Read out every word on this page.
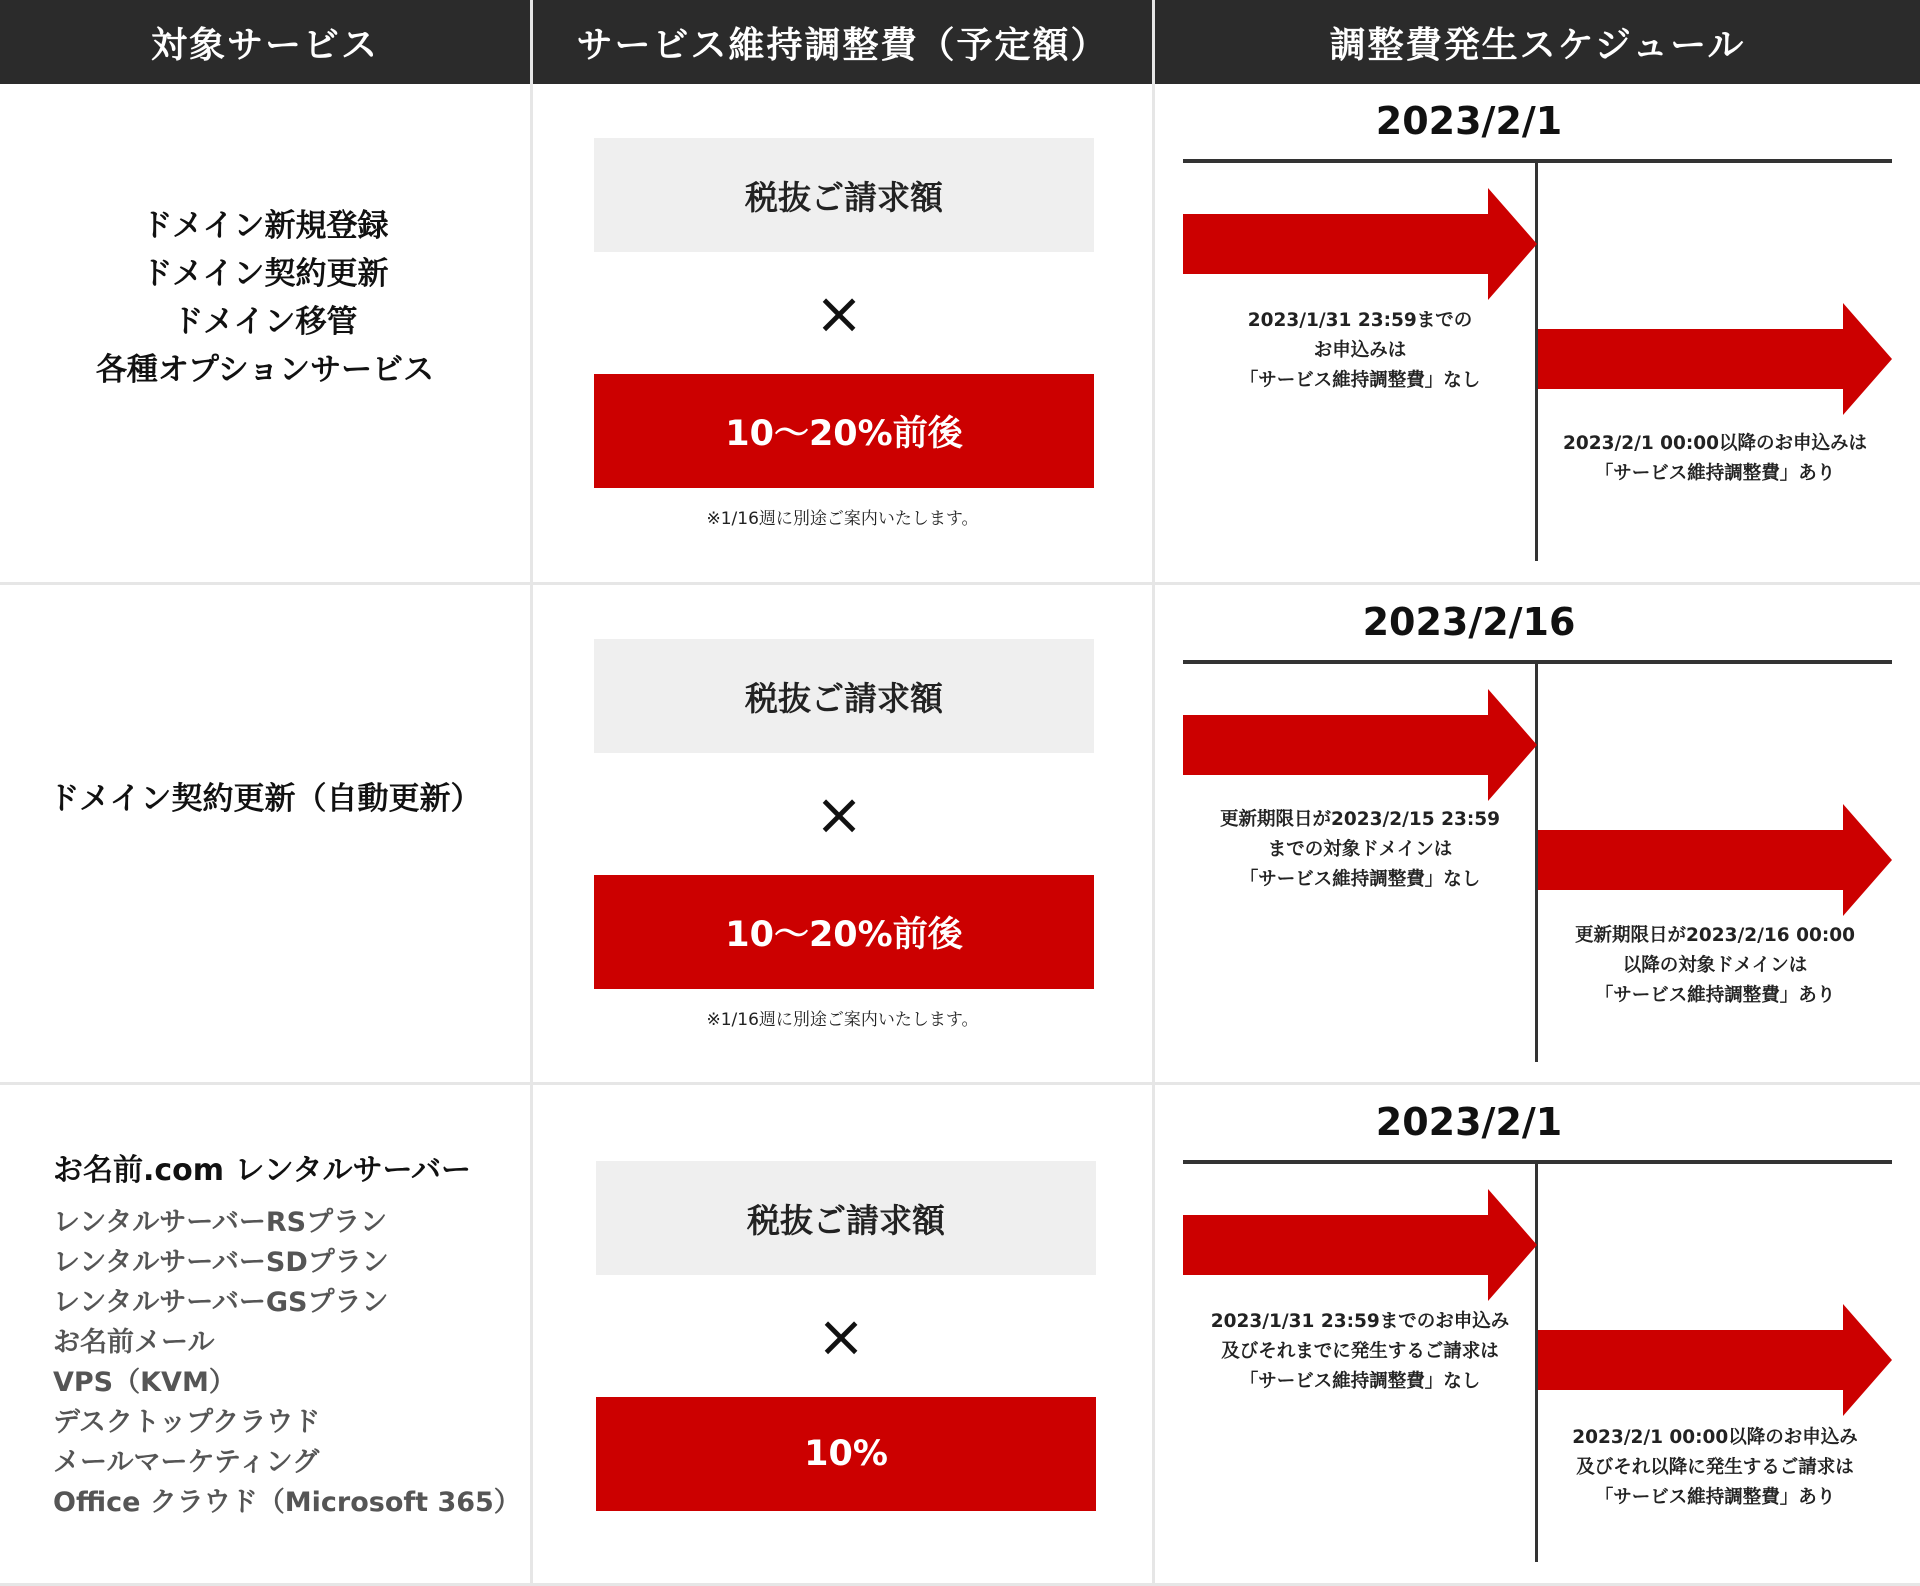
対象サービス	サービス維持調整費（予定額）	調整費発生スケジュール
ドメイン新規登録
ドメイン契約更新
ドメイン移管
各種オプションサービス
税抜ご請求額
×
10～20%前後
※1/16週に別途ご案内いたします。
2023/2/1
2023/1/31 23:59までの
お申込みは
「サービス維持調整費」なし
2023/2/1 00:00以降のお申込みは
「サービス維持調整費」あり
ドメイン契約更新（自動更新）
税抜ご請求額
×
10～20%前後
※1/16週に別途ご案内いたします。
2023/2/16
更新期限日が2023/2/15 23:59
までの対象ドメインは
「サービス維持調整費」なし
更新期限日が2023/2/16 00:00
以降の対象ドメインは
「サービス維持調整費」あり
お名前.com レンタルサーバー
レンタルサーバーRSプラン
レンタルサーバーSDプラン
レンタルサーバーGSプラン
お名前メール
VPS（KVM）
デスクトップクラウド
メールマーケティング
Office クラウド（Microsoft 365）
税抜ご請求額
×
10%
2023/2/1
2023/1/31 23:59までのお申込み
及びそれまでに発生するご請求は
「サービス維持調整費」なし
2023/2/1 00:00以降のお申込み
及びそれ以降に発生するご請求は
「サービス維持調整費」あり
